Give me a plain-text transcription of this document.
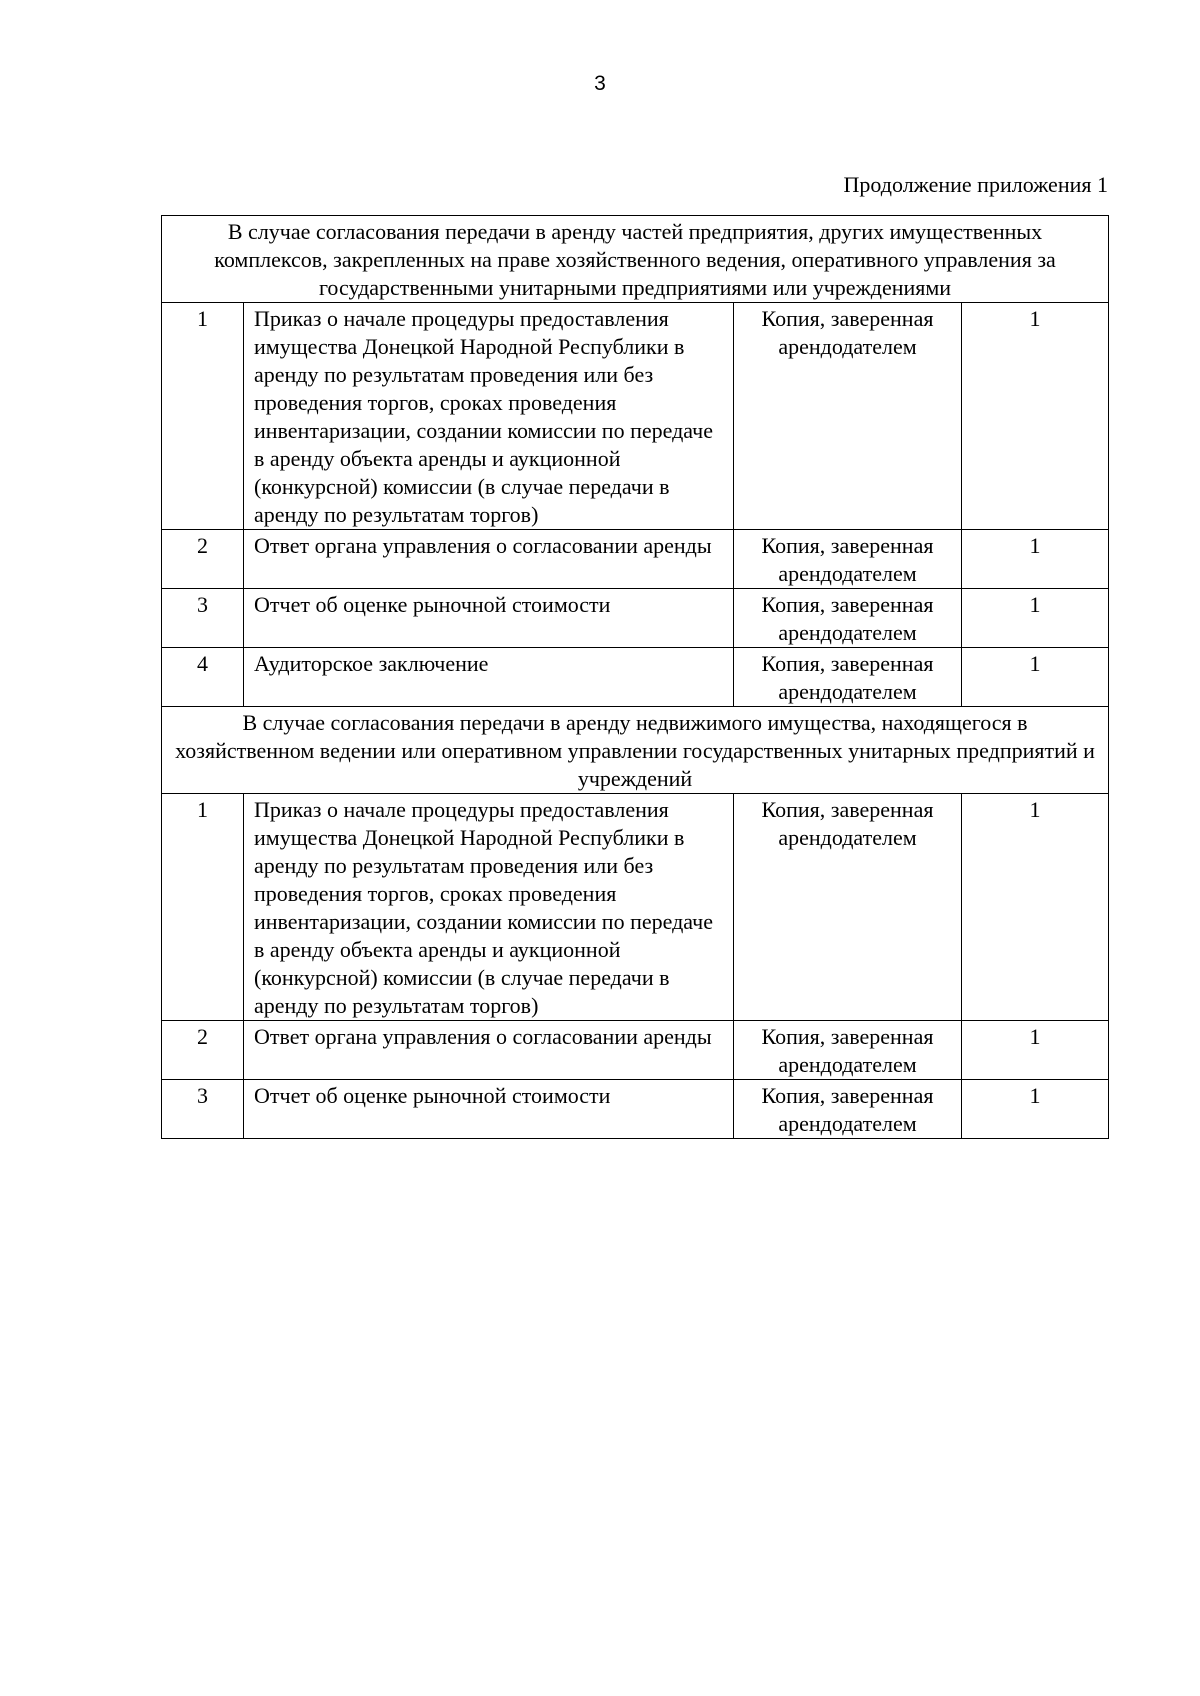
3
Продолжение приложения 1
В случае согласования передачи в аренду частей предприятия, других имущественных комплексов, закрепленных на праве хозяйственного ведения, оперативного управления за государственными унитарными предприятиями или учреждениями			
1	Приказ о начале процедуры предоставления имущества Донецкой Народной Республики в аренду по результатам проведения или без проведения торгов, сроках проведения инвентаризации, создании комиссии по передаче в аренду объекта аренды и аукционной (конкурсной) комиссии (в случае передачи в аренду по результатам торгов)	Копия, заверенная арендодателем	1
2	Ответ органа управления о согласовании аренды	Копия, заверенная арендодателем	1
3	Отчет об оценке рыночной стоимости	Копия, заверенная арендодателем	1
4	Аудиторское заключение	Копия, заверенная арендодателем	1
В случае согласования передачи в аренду недвижимого имущества, находящегося в хозяйственном ведении или оперативном управлении государственных унитарных предприятий и учреждений			
1	Приказ о начале процедуры предоставления имущества Донецкой Народной Республики в аренду по результатам проведения или без проведения торгов, сроках проведения инвентаризации, создании комиссии по передаче в аренду объекта аренды и аукционной (конкурсной) комиссии (в случае передачи в аренду по результатам торгов)	Копия, заверенная арендодателем	1
2	Ответ органа управления о согласовании аренды	Копия, заверенная арендодателем	1
3	Отчет об оценке рыночной стоимости	Копия, заверенная арендодателем	1
